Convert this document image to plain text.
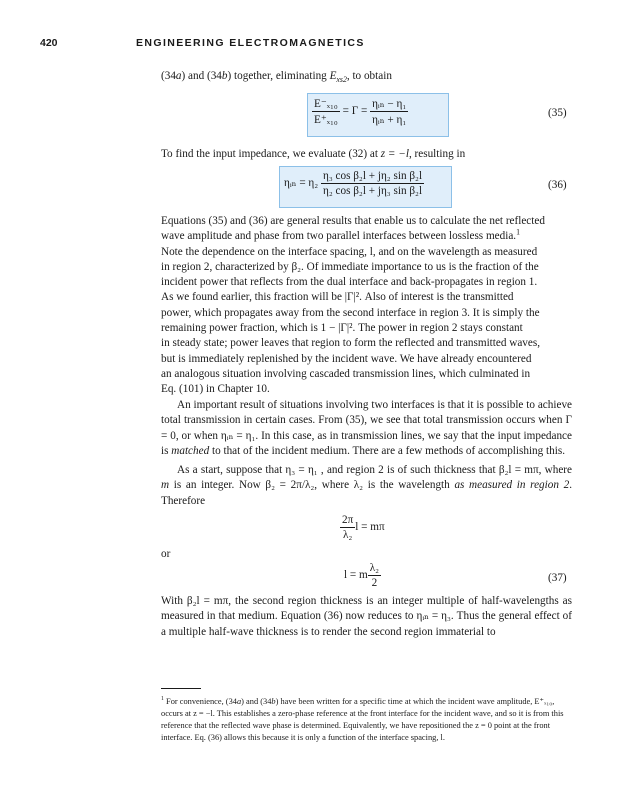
420	ENGINEERING ELECTROMAGNETICS
(34a) and (34b) together, eliminating $E_{xs2}$, to obtain
$\frac{\text{E⁻ₓ₁₀}}{\text{E⁺ₓ₁₀}} = \Gamma = \frac{\text{ηᵢₙ − η₁}}{\text{ηᵢₙ + η₁}}$	(35)
To find the input impedance, we evaluate (32) at z = −l, resulting in
ηᵢₙ = $\eta_2 \frac{\text{η₃ cos β₂l + jη₂ sin β₂l}}{\text{η₂ cos β₂l + jη₃ sin β₂l}}$	(36)
Equations (35) and (36) are general results that enable us to calculate the net reflected
wave amplitude and phase from two parallel interfaces between lossless media.$^1$
Note the dependence on the interface spacing, l, and on the wavelength as measured
in region 2, characterized by β₂. Of immediate importance to us is the fraction of the
incident power that reflects from the dual interface and back-propagates in region 1.
As we found earlier, this fraction will be |Γ|². Also of interest is the transmitted
power, which propagates away from the second interface in region 3. It is simply the
remaining power fraction, which is 1 − |Γ|². The power in region 2 stays constant
in steady state; power leaves that region to form the reflected and transmitted waves,
but is immediately replenished by the incident wave. We have already encountered
an analogous situation involving cascaded transmission lines, which culminated in
Eq. (101) in Chapter 10.

An important result of situations involving two interfaces is that it is possible to achieve total transmission in certain cases. From (35), we see that total transmission occurs when Γ = 0, or when ηᵢₙ = η₁. In this case, as in transmission lines, we say that the input impedance is matched to that of the incident medium. There are a few methods of accomplishing this.

As a start, suppose that η₃ = η₁ , and region 2 is of such thickness that β₂l = mπ, where m is an integer. Now β₂ = 2π/λ₂, where λ₂ is the wavelength as measured in region 2. Therefore

$\frac{2\pi}{\text{λ₂}}$ l = mπ
or
l = m $\frac{\text{λ₂}}{2}$	(37)
With β₂l = mπ, the second region thickness is an integer multiple of half-wavelengths as measured in that medium. Equation (36) now reduces to ηᵢₙ = η₃. Thus the general effect of a multiple half-wave thickness is to render the second region immaterial to
$^1$ For convenience, (34a) and (34b) have been written for a specific time at which the incident wave amplitude, E⁺ₓ₁₀, occurs at z = −l. This establishes a zero-phase reference at the front interface for the incident wave, and so it is from this reference that the reflected wave phase is determined. Equivalently, we have repositioned the z = 0 point at the front interface. Eq. (36) allows this because it is only a function of the interface spacing, l.
